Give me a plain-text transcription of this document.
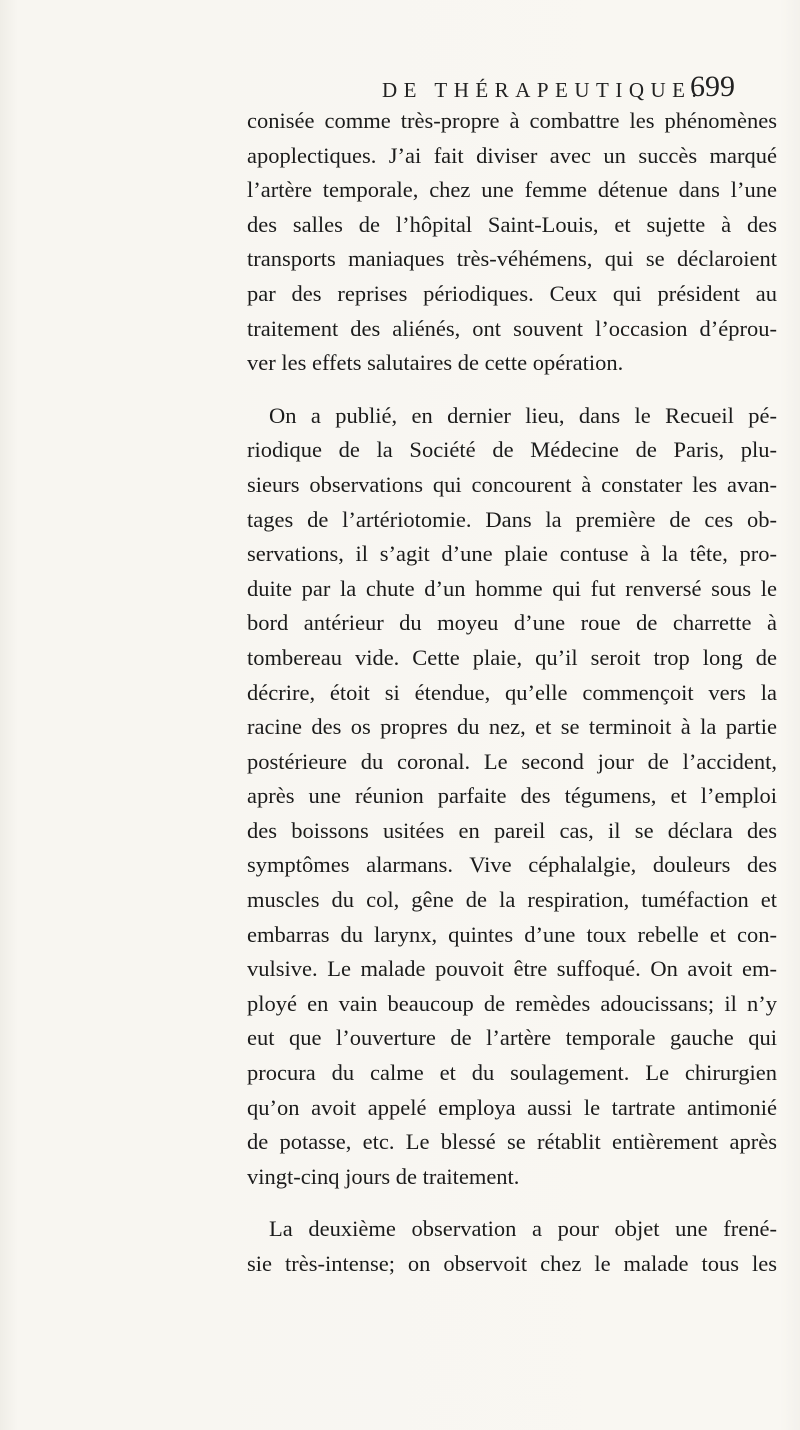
DE THÉRAPEUTIQUE.
699
conisée comme très-propre à combattre les phénomènes
apoplectiques. J’ai fait diviser avec un succès marqué
l’artère temporale, chez une femme détenue dans l’une
des salles de l’hôpital Saint-Louis, et sujette à des
transports maniaques très-véhémens, qui se déclaroient
par des reprises périodiques. Ceux qui président au
traitement des aliénés, ont souvent l’occasion d’éprou-
ver les effets salutaires de cette opération.
On a publié, en dernier lieu, dans le Recueil pé-
riodique de la Société de Médecine de Paris, plu-
sieurs observations qui concourent à constater les avan-
tages de l’artériotomie. Dans la première de ces ob-
servations, il s’agit d’une plaie contuse à la tête, pro-
duite par la chute d’un homme qui fut renversé sous le
bord antérieur du moyeu d’une roue de charrette à
tombereau vide. Cette plaie, qu’il seroit trop long de
décrire, étoit si étendue, qu’elle commençoit vers la
racine des os propres du nez, et se terminoit à la partie
postérieure du coronal. Le second jour de l’accident,
après une réunion parfaite des tégumens, et l’emploi
des boissons usitées en pareil cas, il se déclara des
symptômes alarmans. Vive céphalalgie, douleurs des
muscles du col, gêne de la respiration, tuméfaction et
embarras du larynx, quintes d’une toux rebelle et con-
vulsive. Le malade pouvoit être suffoqué. On avoit em-
ployé en vain beaucoup de remèdes adoucissans; il n’y
eut que l’ouverture de l’artère temporale gauche qui
procura du calme et du soulagement. Le chirurgien
qu’on avoit appelé employa aussi le tartrate antimonié
de potasse, etc. Le blessé se rétablit entièrement après
vingt-cinq jours de traitement.
La deuxième observation a pour objet une frené-
sie très-intense; on observoit chez le malade tous les
